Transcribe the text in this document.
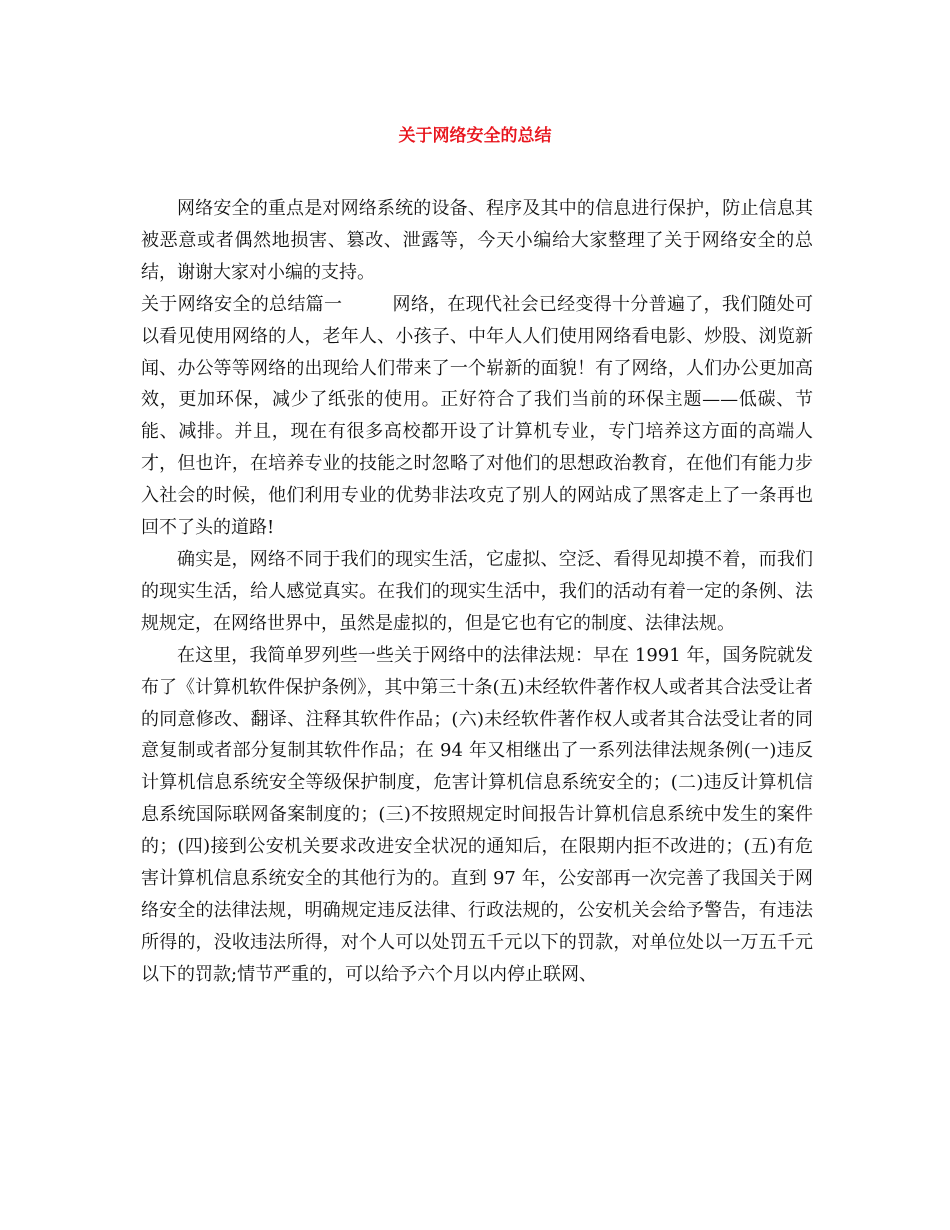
关于网络安全的总结

网络安全的重点是对网络系统的设备、程序及其中的信息进行保护，防止信息其被恶意或者偶然地损害、篡改、泄露等，今天小编给大家整理了关于网络安全的总结，谢谢大家对小编的支持。

关于网络安全的总结篇一	网络，在现代社会已经变得十分普遍了，我们随处可以看见使用网络的人，老年人、小孩子、中年人人们使用网络看电影、炒股、浏览新闻、办公等等网络的出现给人们带来了一个崭新的面貌！有了网络，人们办公更加高效，更加环保，减少了纸张的使用。正好符合了我们当前的环保主题——低碳、节能、减排。并且，现在有很多高校都开设了计算机专业，专门培养这方面的高端人才，但也许，在培养专业的技能之时忽略了对他们的思想政治教育，在他们有能力步入社会的时候，他们利用专业的优势非法攻克了别人的网站成了黑客走上了一条再也回不了头的道路!

确实是，网络不同于我们的现实生活，它虚拟、空泛、看得见却摸不着，而我们的现实生活，给人感觉真实。在我们的现实生活中，我们的活动有着一定的条例、法规规定，在网络世界中，虽然是虚拟的，但是它也有它的制度、法律法规。

在这里，我简单罗列些一些关于网络中的法律法规：早在 1991 年，国务院就发布了《计算机软件保护条例》，其中第三十条(五)未经软件著作权人或者其合法受让者的同意修改、翻译、注释其软件作品；(六)未经软件著作权人或者其合法受让者的同意复制或者部分复制其软件作品；在 94 年又相继出了一系列法律法规条例(一)违反计算机信息系统安全等级保护制度，危害计算机信息系统安全的；(二)违反计算机信息系统国际联网备案制度的；(三)不按照规定时间报告计算机信息系统中发生的案件的；(四)接到公安机关要求改进安全状况的通知后，在限期内拒不改进的；(五)有危害计算机信息系统安全的其他行为的。直到 97 年，公安部再一次完善了我国关于网络安全的法律法规，明确规定违反法律、行政法规的，公安机关会给予警告，有违法所得的，没收违法所得，对个人可以处罚五千元以下的罚款，对单位处以一万五千元以下的罚款;情节严重的，可以给予六个月以内停止联网、
